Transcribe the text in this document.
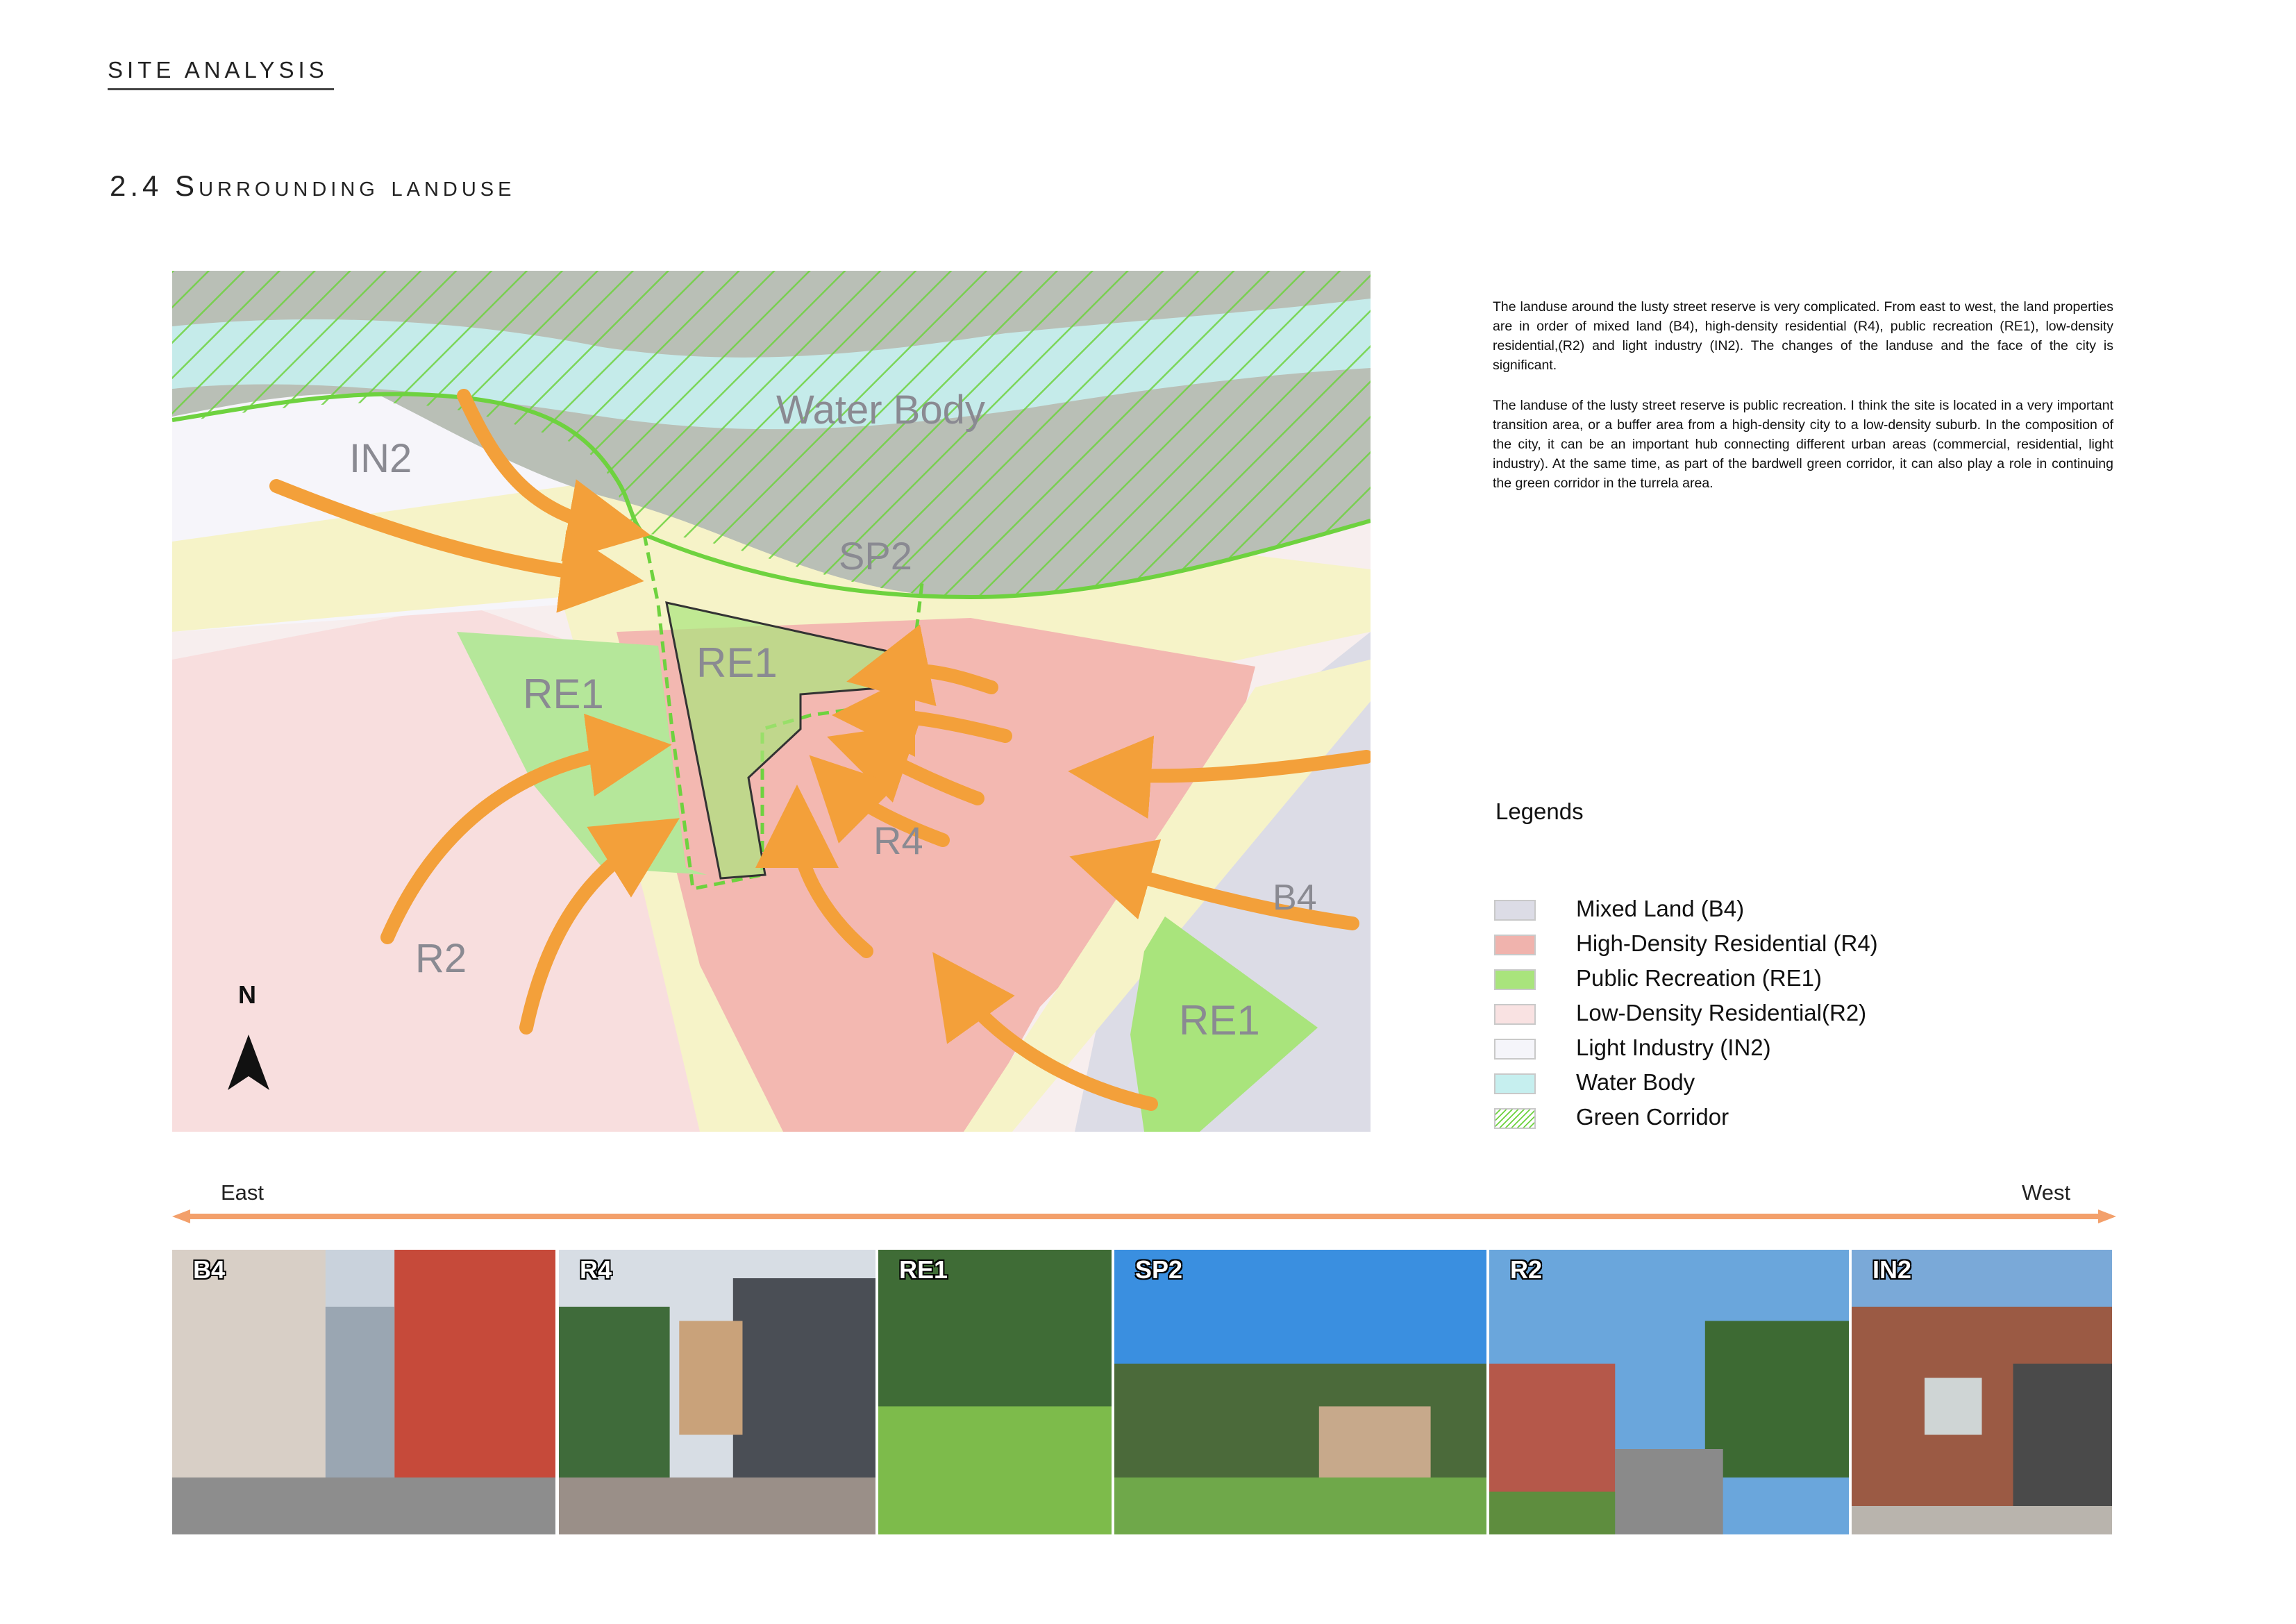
SITE ANALYSIS
2.4 Surrounding landuse
Water Body
SP2
IN2
RE1
RE1
R4
B4
RE1
R2
N

The landuse around the lusty street reserve is very complicated. From east to west, the land properties are in order of mixed land (B4), high-density residential (R4), public recreation (RE1), low-density residential,(R2) and light industry (IN2). The changes of the landuse and the face of the city is significant.

The landuse of the lusty street reserve is public recreation. I think the site is located in a very important transition area, or a buffer area from a high-density city to a low-density suburb. In the composition of the city, it can be an important hub connecting different urban areas (commercial, residential, light industry). At the same time, as part of the bardwell green corridor, it can also play a role in continuing the green corridor in the turrela area.

Legends
Mixed Land (B4)
High-Density Residential (R4)
Public Recreation (RE1)
Low-Density Residential(R2)
Light Industry (IN2)
Water Body
Green Corridor
East	West
B4	R4	RE1	SP2	R2	IN2
